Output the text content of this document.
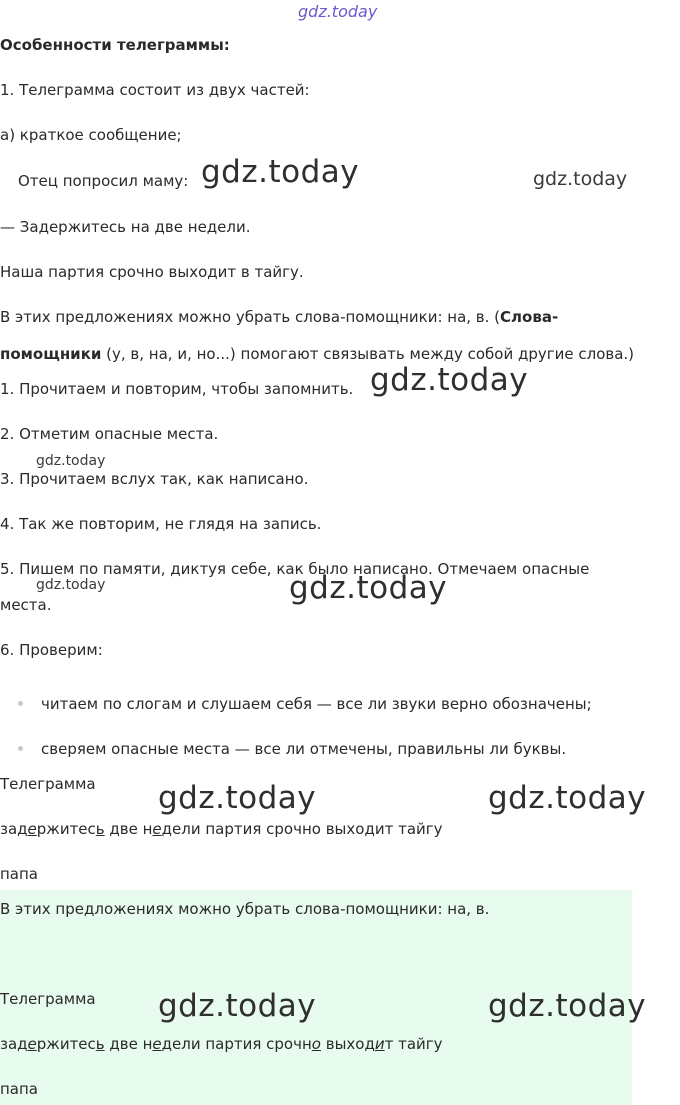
gdz.today
Особенности телеграммы:
1. Телеграмма состоит из двух частей:
а) краткое сообщение;
Отец попросил маму: gdz.today	gdz.today
— Задержитесь на две недели.
Наша партия срочно выходит в тайгу.
В этих предложениях можно убрать слова-помощники: на, в. (Слова-
помощники (у, в, на, и, но...) помогают связывать между собой другие слова.)
1. Прочитаем и повторим, чтобы запомнить. gdz.today
2. Отметим опасные места.
gdz.today
3. Прочитаем вслух так, как написано.
4. Так же повторим, не глядя на запись.
5. Пишем по памяти, диктуя себе, как было написано. Отмечаем опасные
gdz.today
места.	gdz.today
6. Проверим:
читаем по слогам и слушаем себя — все ли звуки верно обозначены;
сверяем опасные места — все ли отмечены, правильны ли буквы.
Телеграмма gdz.today	gdz.today
задержитесь две недели партия срочно выходит тайгу
папа
В этих предложениях можно убрать слова-помощники: на, в.
Телеграмма gdz.today	gdz.today
задержитесь две недели партия срочно выходит тайгу
папа
